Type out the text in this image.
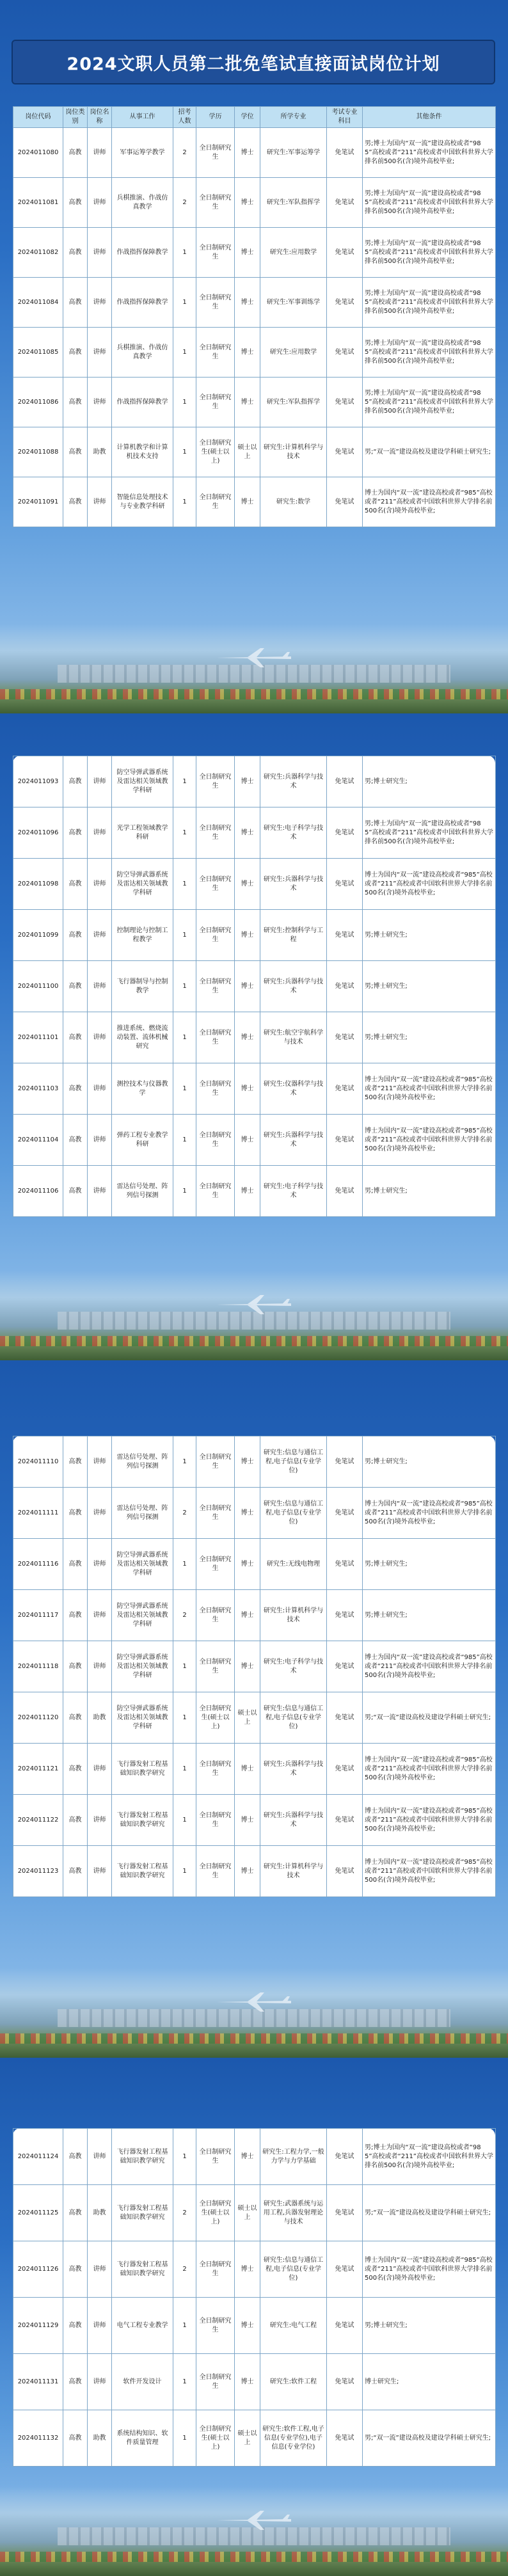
2024文职人员第二批免笔试直接面试岗位计划
岗位代码	岗位类别	岗位名称	从事工作	招考人数	学历	学位	所学专业	考试专业科目	其他条件
2024011080	高教	讲师	军事运筹学教学	2	全日制研究生	博士	研究生:军事运筹学	免笔试	男;博士为国内“双一流”建设高校或者“985”高校或者“211”高校或者中国软科世界大学排名前500名(含)境外高校毕业;
2024011081	高教	讲师	兵棋推演、作战仿真教学	2	全日制研究生	博士	研究生:军队指挥学	免笔试	男;博士为国内“双一流”建设高校或者“985”高校或者“211”高校或者中国软科世界大学排名前500名(含)境外高校毕业;
2024011082	高教	讲师	作战指挥保障教学	1	全日制研究生	博士	研究生:应用数学	免笔试	男;博士为国内“双一流”建设高校或者“985”高校或者“211”高校或者中国软科世界大学排名前500名(含)境外高校毕业;
2024011084	高教	讲师	作战指挥保障教学	1	全日制研究生	博士	研究生:军事训练学	免笔试	男;博士为国内“双一流”建设高校或者“985”高校或者“211”高校或者中国软科世界大学排名前500名(含)境外高校毕业;
2024011085	高教	讲师	兵棋推演、作战仿真教学	1	全日制研究生	博士	研究生:应用数学	免笔试	男;博士为国内“双一流”建设高校或者“985”高校或者“211”高校或者中国软科世界大学排名前500名(含)境外高校毕业;
2024011086	高教	讲师	作战指挥保障教学	1	全日制研究生	博士	研究生:军队指挥学	免笔试	男;博士为国内“双一流”建设高校或者“985”高校或者“211”高校或者中国软科世界大学排名前500名(含)境外高校毕业;
2024011088	高教	助教	计算机教学和计算机技术支持	1	全日制研究生(硕士以上)	硕士以上	研究生:计算机科学与技术	免笔试	男;“双一流”建设高校及建设学科硕士研究生;
2024011091	高教	讲师	智能信息处理技术与专业教学科研	1	全日制研究生	博士	研究生:数学	免笔试	博士为国内“双一流”建设高校或者“985”高校或者“211”高校或者中国软科世界大学排名前500名(含)境外高校毕业;
2024011093	高教	讲师	防空导弹武器系统及雷达相关领域教学科研	1	全日制研究生	博士	研究生:兵器科学与技术	免笔试	男;博士研究生;
2024011096	高教	讲师	光学工程领域教学科研	1	全日制研究生	博士	研究生:电子科学与技术	免笔试	男;博士为国内“双一流”建设高校或者“985”高校或者“211”高校或者中国软科世界大学排名前500名(含)境外高校毕业;
2024011098	高教	讲师	防空导弹武器系统及雷达相关领域教学科研	1	全日制研究生	博士	研究生:兵器科学与技术	免笔试	博士为国内“双一流”建设高校或者“985”高校或者“211”高校或者中国软科世界大学排名前500名(含)境外高校毕业;
2024011099	高教	讲师	控制理论与控制工程教学	1	全日制研究生	博士	研究生:控制科学与工程	免笔试	男;博士研究生;
2024011100	高教	讲师	飞行器制导与控制教学	1	全日制研究生	博士	研究生:兵器科学与技术	免笔试	男;博士研究生;
2024011101	高教	讲师	推进系统、燃烧流动装置、流体机械研究	1	全日制研究生	博士	研究生:航空宇航科学与技术	免笔试	男;博士研究生;
2024011103	高教	讲师	测控技术与仪器教学	1	全日制研究生	博士	研究生:仪器科学与技术	免笔试	博士为国内“双一流”建设高校或者“985”高校或者“211”高校或者中国软科世界大学排名前500名(含)境外高校毕业;
2024011104	高教	讲师	弹药工程专业教学科研	1	全日制研究生	博士	研究生:兵器科学与技术	免笔试	博士为国内“双一流”建设高校或者“985”高校或者“211”高校或者中国软科世界大学排名前500名(含)境外高校毕业;
2024011106	高教	讲师	雷达信号处理、阵列信号探测	1	全日制研究生	博士	研究生:电子科学与技术	免笔试	男;博士研究生;
2024011110	高教	讲师	雷达信号处理、阵列信号探测	1	全日制研究生	博士	研究生:信息与通信工程,电子信息(专业学位)	免笔试	男;博士研究生;
2024011111	高教	讲师	雷达信号处理、阵列信号探测	2	全日制研究生	博士	研究生:信息与通信工程,电子信息(专业学位)	免笔试	博士为国内“双一流”建设高校或者“985”高校或者“211”高校或者中国软科世界大学排名前500名(含)境外高校毕业;
2024011116	高教	讲师	防空导弹武器系统及雷达相关领域教学科研	1	全日制研究生	博士	研究生:无线电物理	免笔试	男;博士研究生;
2024011117	高教	讲师	防空导弹武器系统及雷达相关领域教学科研	2	全日制研究生	博士	研究生:计算机科学与技术	免笔试	男;博士研究生;
2024011118	高教	讲师	防空导弹武器系统及雷达相关领域教学科研	1	全日制研究生	博士	研究生:电子科学与技术	免笔试	博士为国内“双一流”建设高校或者“985”高校或者“211”高校或者中国软科世界大学排名前500名(含)境外高校毕业;
2024011120	高教	助教	防空导弹武器系统及雷达相关领域教学科研	1	全日制研究生(硕士以上)	硕士以上	研究生:信息与通信工程,电子信息(专业学位)	免笔试	男;“双一流”建设高校及建设学科硕士研究生;
2024011121	高教	讲师	飞行器发射工程基础知识教学研究	1	全日制研究生	博士	研究生:兵器科学与技术	免笔试	博士为国内“双一流”建设高校或者“985”高校或者“211”高校或者中国软科世界大学排名前500名(含)境外高校毕业;
2024011122	高教	讲师	飞行器发射工程基础知识教学研究	1	全日制研究生	博士	研究生:兵器科学与技术	免笔试	博士为国内“双一流”建设高校或者“985”高校或者“211”高校或者中国软科世界大学排名前500名(含)境外高校毕业;
2024011123	高教	讲师	飞行器发射工程基础知识教学研究	1	全日制研究生	博士	研究生:计算机科学与技术	免笔试	博士为国内“双一流”建设高校或者“985”高校或者“211”高校或者中国软科世界大学排名前500名(含)境外高校毕业;
2024011124	高教	讲师	飞行器发射工程基础知识教学研究	1	全日制研究生	博士	研究生:工程力学,一般力学与力学基础	免笔试	男;博士为国内“双一流”建设高校或者“985”高校或者“211”高校或者中国软科世界大学排名前500名(含)境外高校毕业;
2024011125	高教	助教	飞行器发射工程基础知识教学研究	2	全日制研究生(硕士以上)	硕士以上	研究生:武器系统与运用工程,兵器发射理论与技术	免笔试	男;“双一流”建设高校及建设学科硕士研究生;
2024011126	高教	讲师	飞行器发射工程基础知识教学研究	2	全日制研究生	博士	研究生:信息与通信工程,电子信息(专业学位)	免笔试	博士为国内“双一流”建设高校或者“985”高校或者“211”高校或者中国软科世界大学排名前500名(含)境外高校毕业;
2024011129	高教	讲师	电气工程专业教学	1	全日制研究生	博士	研究生:电气工程	免笔试	男;博士研究生;
2024011131	高教	讲师	软件开发设计	1	全日制研究生	博士	研究生:软件工程	免笔试	博士研究生;
2024011132	高教	助教	系统结构知识、软件质量管理	1	全日制研究生(硕士以上)	硕士以上	研究生:软件工程,电子信息(专业学位),电子信息(专业学位)	免笔试	男;“双一流”建设高校及建设学科硕士研究生;
